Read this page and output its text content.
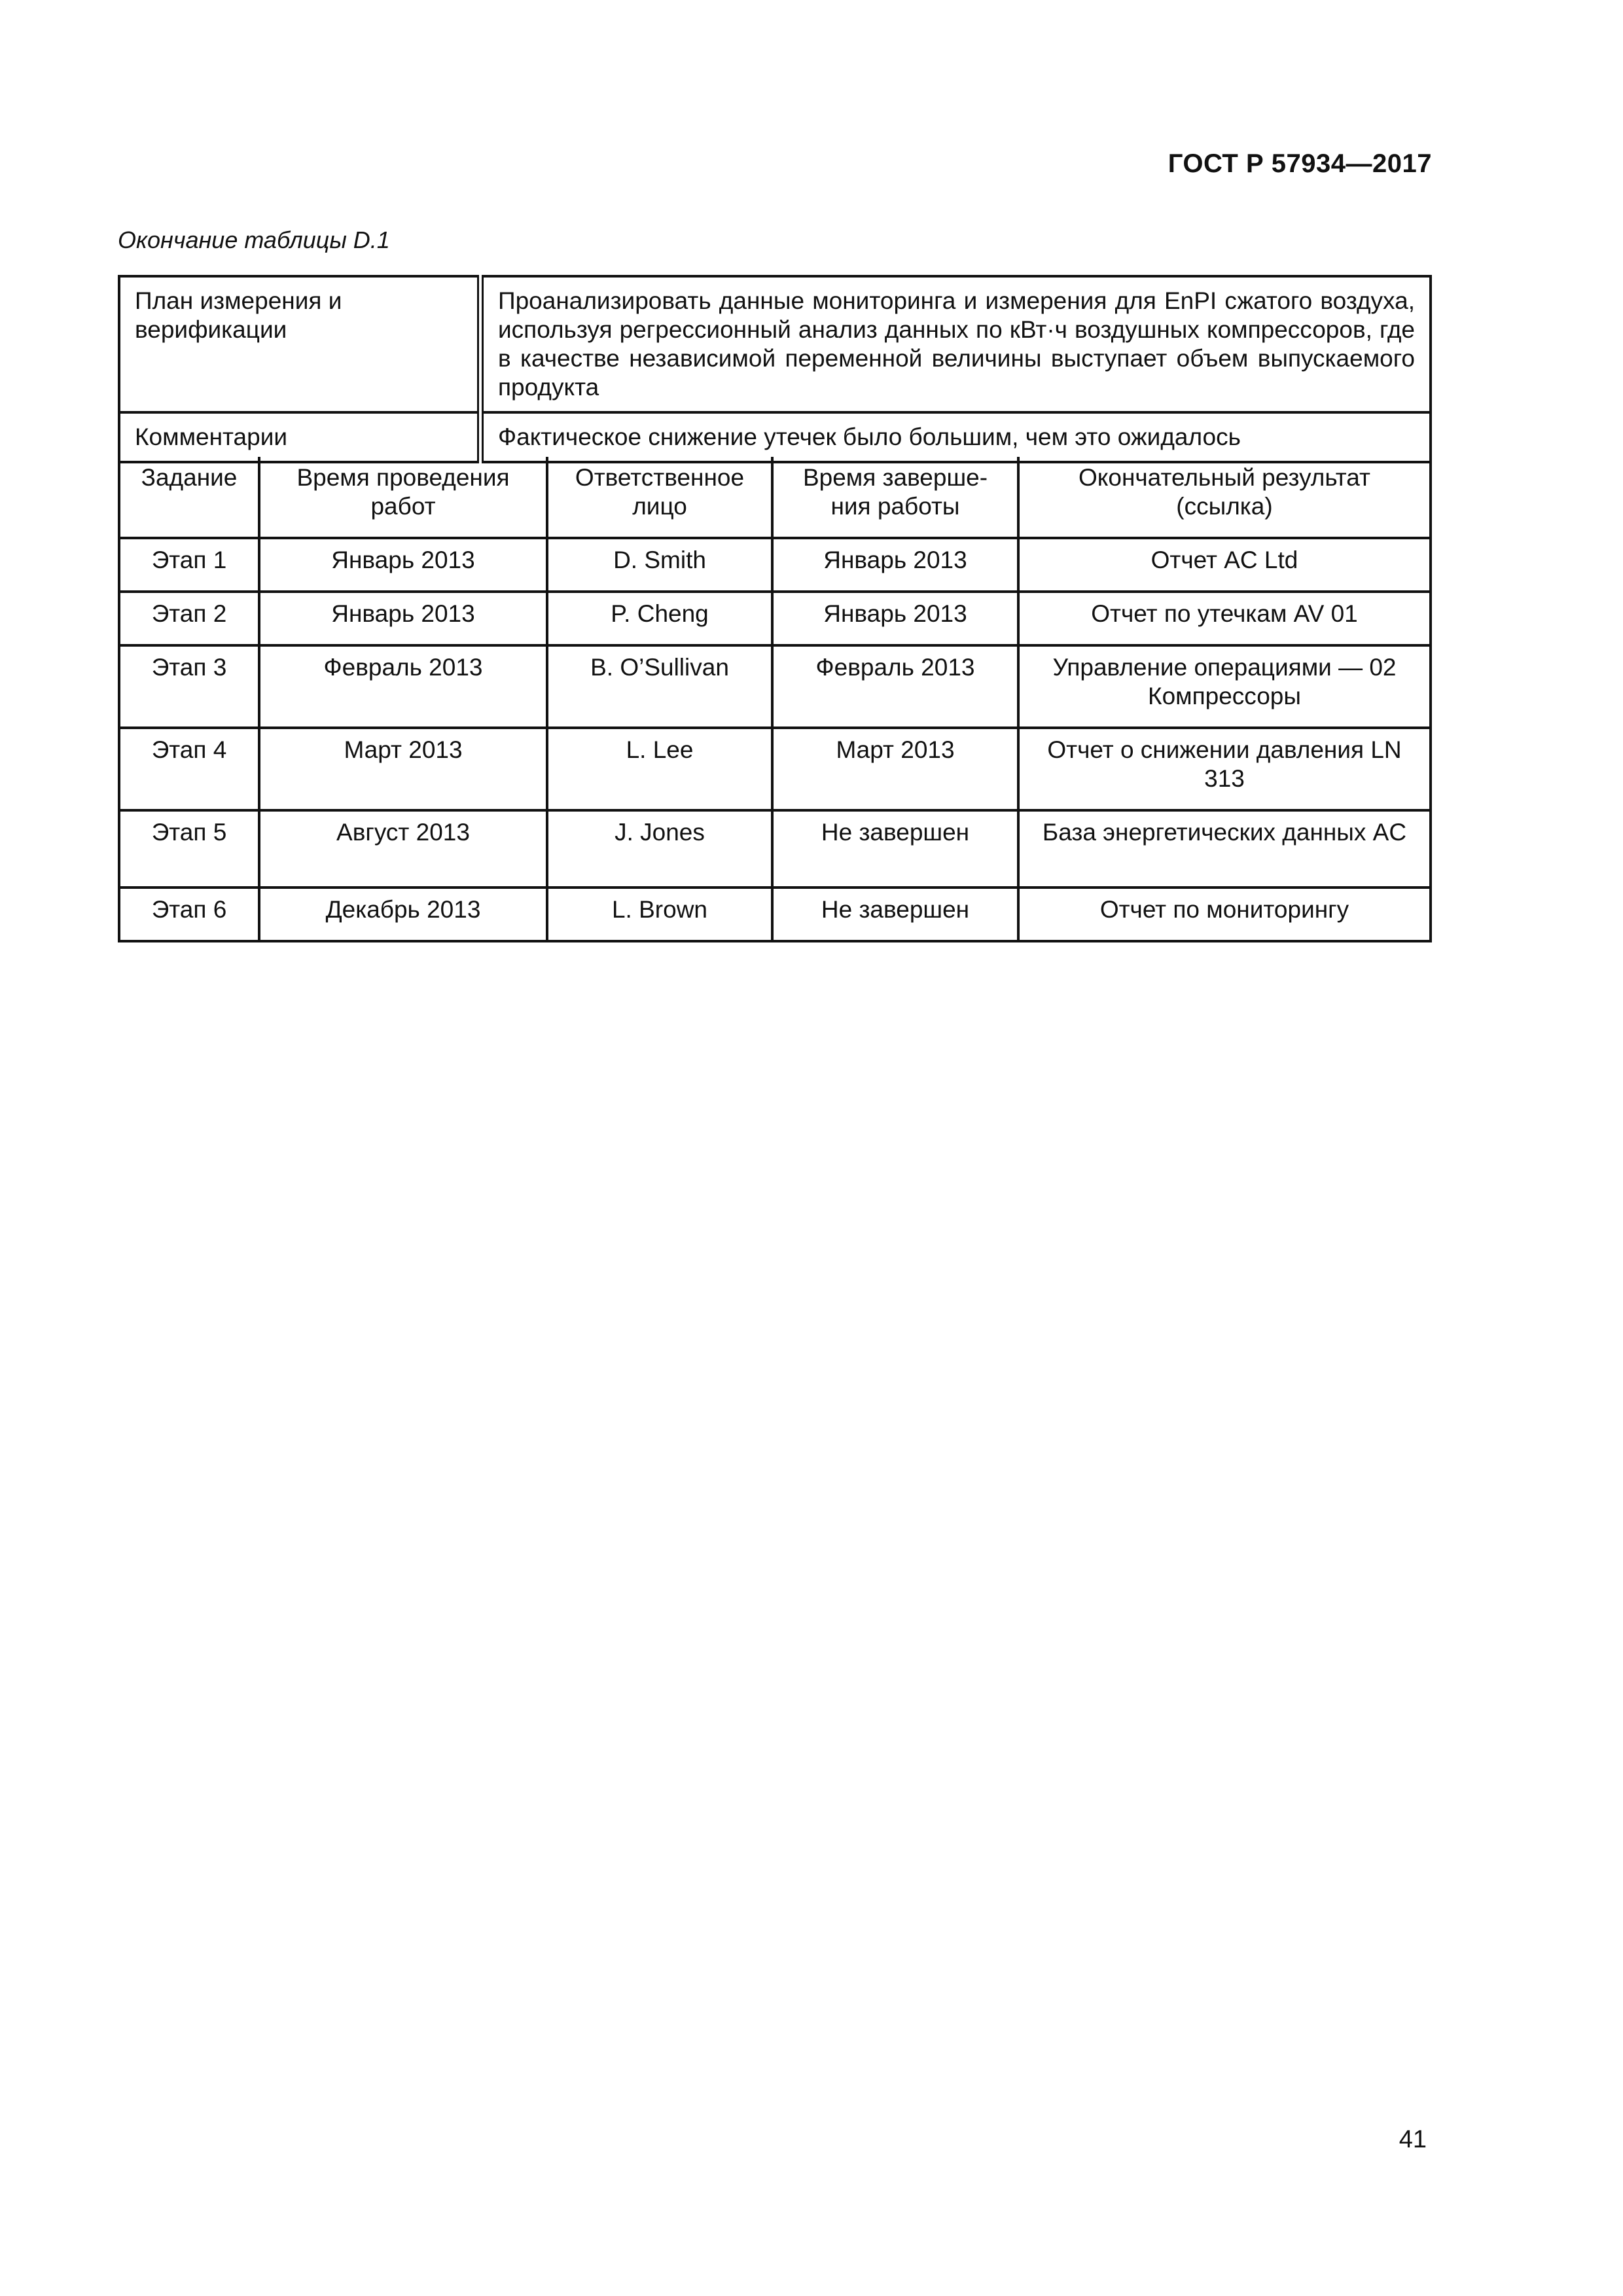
ГОСТ Р 57934—2017
Окончание таблицы D.1
План измерения и верификации	Проанализировать данные мониторинга и измерения для EnPI сжатого воздуха, используя регрессионный анализ данных по кВт·ч воздушных компрессоров, где в качестве независимой переменной величины выступает объем выпускаемого продукта
Комментарии	Фактическое снижение утечек было большим, чем это ожидалось
Задание	Время проведения работ	Ответственное лицо	Время заверше-ния работы	Окончательный результат (ссылка)
Этап 1	Январь 2013	D. Smith	Январь 2013	Отчет AC Ltd
Этап 2	Январь 2013	P. Cheng	Январь 2013	Отчет по утечкам AV 01
Этап 3	Февраль 2013	B. O’Sullivan	Февраль 2013	Управление операциями — 02 Компрессоры
Этап 4	Март 2013	L. Lee	Март 2013	Отчет о снижении давления LN 313
Этап 5	Август 2013	J. Jones	Не завершен	База энергетических данных AC
Этап 6	Декабрь 2013	L. Brown	Не завершен	Отчет по мониторингу
41
